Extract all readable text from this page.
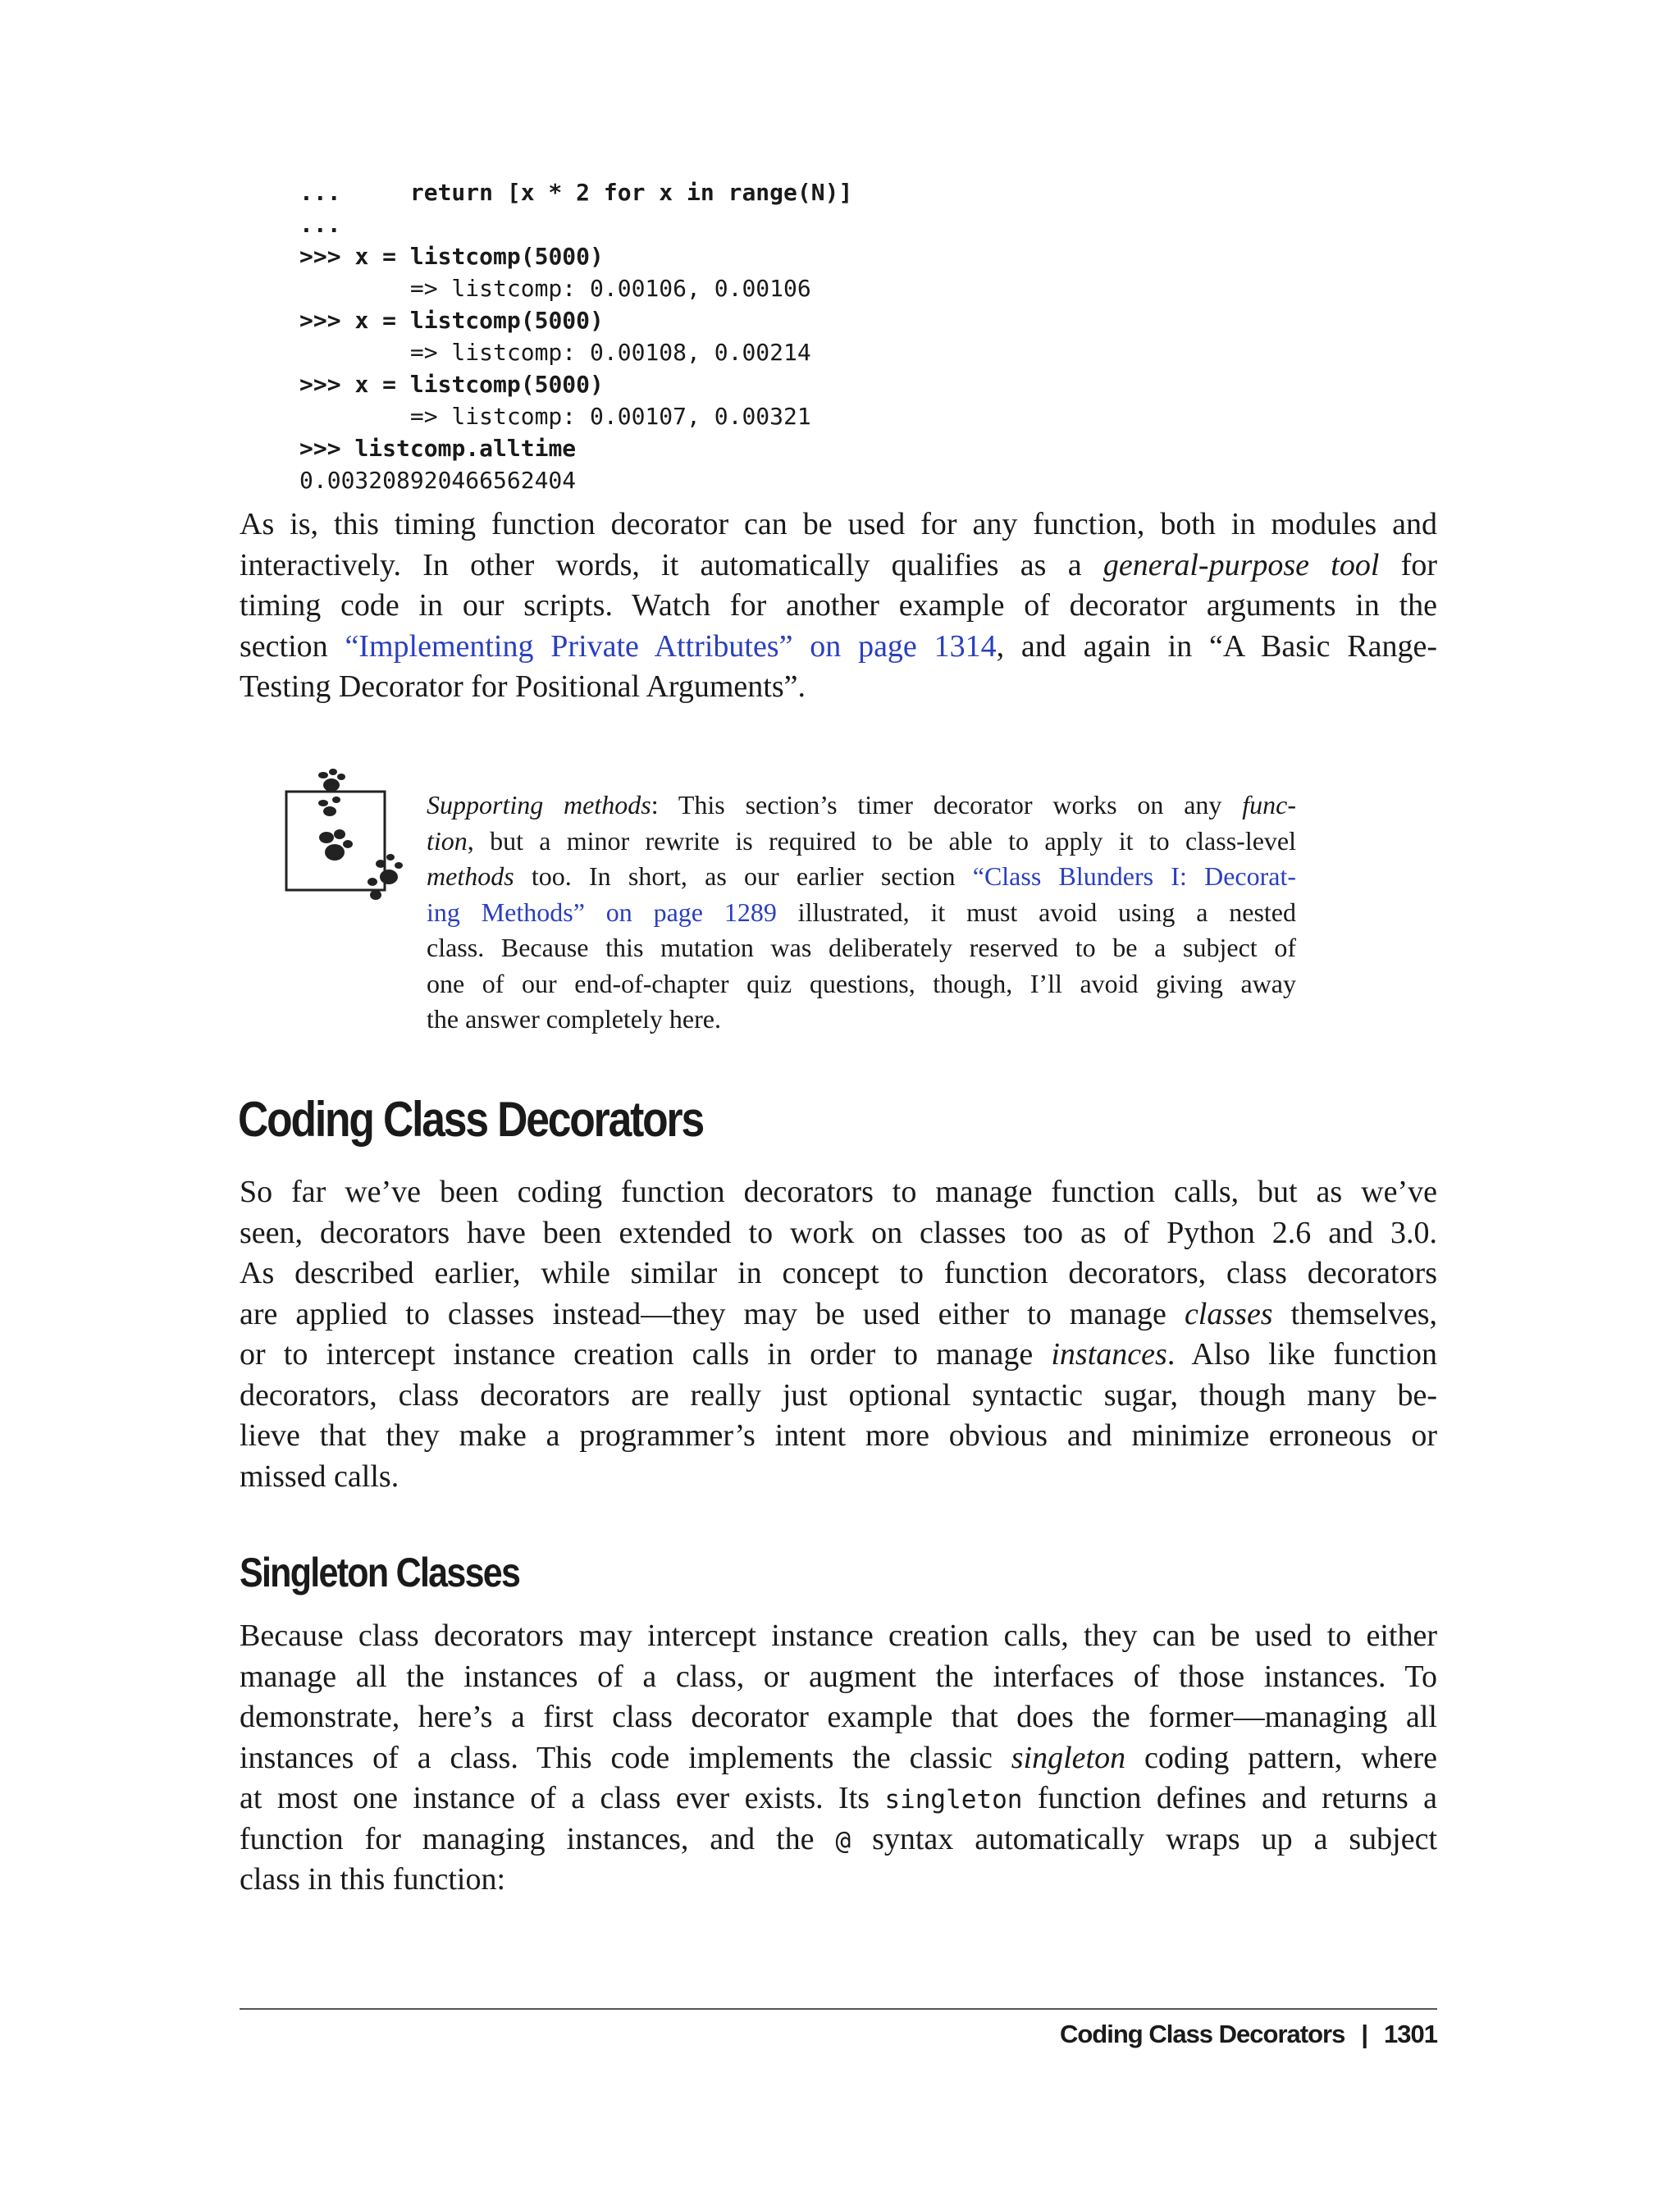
...     return [x * 2 for x in range(N)]
...
>>> x = listcomp(5000)
=> listcomp: 0.00106, 0.00106
>>> x = listcomp(5000)
=> listcomp: 0.00108, 0.00214
>>> x = listcomp(5000)
=> listcomp: 0.00107, 0.00321
>>> listcomp.alltime
0.003208920466562404
As is, this timing function decorator can be used for any function, both in modules and
interactively. In other words, it automatically qualifies as a general-purpose tool for
timing code in our scripts. Watch for another example of decorator arguments in the
section “Implementing Private Attributes” on page 1314, and again in “A Basic Range-
Testing Decorator for Positional Arguments”.
Supporting methods: This section’s timer decorator works on any func-
tion, but a minor rewrite is required to be able to apply it to class-level
methods too. In short, as our earlier section “Class Blunders I: Decorat-
ing Methods” on page 1289 illustrated, it must avoid using a nested
class. Because this mutation was deliberately reserved to be a subject of
one of our end-of-chapter quiz questions, though, I’ll avoid giving away
the answer completely here.
Coding Class Decorators
So far we’ve been coding function decorators to manage function calls, but as we’ve
seen, decorators have been extended to work on classes too as of Python 2.6 and 3.0.
As described earlier, while similar in concept to function decorators, class decorators
are applied to classes instead—they may be used either to manage classes themselves,
or to intercept instance creation calls in order to manage instances. Also like function
decorators, class decorators are really just optional syntactic sugar, though many be-
lieve that they make a programmer’s intent more obvious and minimize erroneous or
missed calls.
Singleton Classes
Because class decorators may intercept instance creation calls, they can be used to either
manage all the instances of a class, or augment the interfaces of those instances. To
demonstrate, here’s a first class decorator example that does the former—managing all
instances of a class. This code implements the classic singleton coding pattern, where
at most one instance of a class ever exists. Its singleton function defines and returns a
function for managing instances, and the @ syntax automatically wraps up a subject
class in this function:
Coding Class Decorators | 1301
